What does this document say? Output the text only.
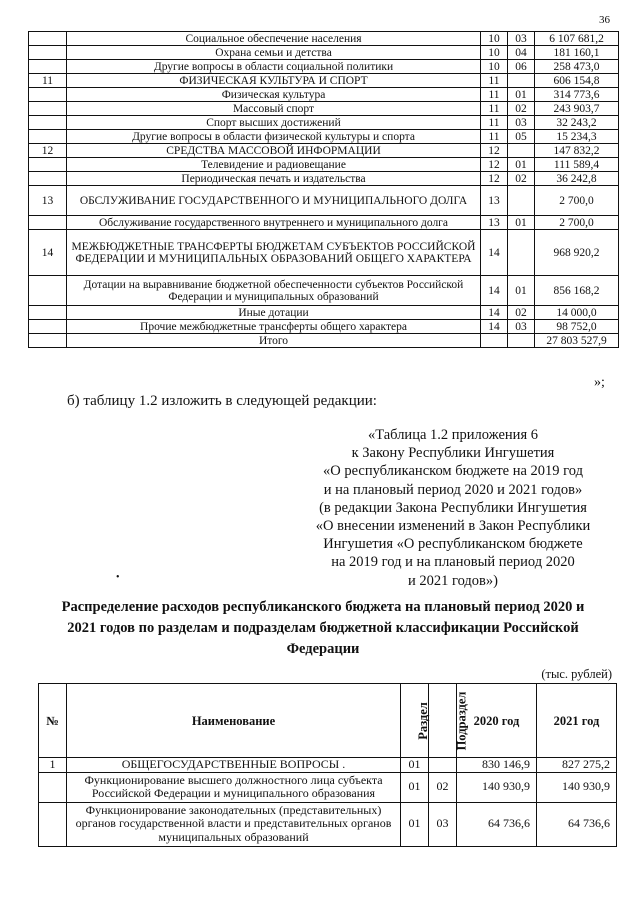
36
	Социальное обеспечение населения	10	03	6 107 681,2
	Охрана семьи и детства	10	04	181 160,1
	Другие вопросы в области социальной политики	10	06	258 473,0
11	ФИЗИЧЕСКАЯ КУЛЬТУРА И СПОРТ	11		606 154,8
	Физическая культура	11	01	314 773,6
	Массовый спорт	11	02	243 903,7
	Спорт высших достижений	11	03	32 243,2
	Другие вопросы в области физической культуры и спорта	11	05	15 234,3
12	СРЕДСТВА МАССОВОЙ ИНФОРМАЦИИ	12		147 832,2
	Телевидение и радиовещание	12	01	111 589,4
	Периодическая печать и издательства	12	02	36 242,8
13	ОБСЛУЖИВАНИЕ ГОСУДАРСТВЕННОГО И МУНИЦИПАЛЬНОГО ДОЛГА	13		2 700,0
	Обслуживание государственного внутреннего и муниципального долга	13	01	2 700,0
14	МЕЖБЮДЖЕТНЫЕ ТРАНСФЕРТЫ БЮДЖЕТАМ СУБЪЕКТОВ РОССИЙСКОЙ ФЕДЕРАЦИИ И МУНИЦИПАЛЬНЫХ ОБРАЗОВАНИЙ ОБЩЕГО ХАРАКТЕРА	14		968 920,2
	Дотации на выравнивание бюджетной обеспеченности субъектов Российской Федерации и муниципальных образований	14	01	856 168,2
	Иные дотации	14	02	14 000,0
	Прочие межбюджетные трансферты общего характера	14	03	98 752,0
	Итого			27 803 527,9
»;
б) таблицу 1.2 изложить в следующей редакции:
«Таблица 1.2 приложения 6
к Закону Республики Ингушетия
«О республиканском бюджете на 2019 год
и на плановый период 2020 и 2021 годов»
(в редакции Закона Республики Ингушетия
«О внесении изменений в Закон Республики
Ингушетия «О республиканском бюджете
на 2019 год и на плановый период 2020
и 2021 годов»)
•
Распределение расходов республиканского бюджета на плановый период 2020 и
2021 годов по разделам и подразделам бюджетной классификации Российской
Федерации
(тыс. рублей)
№	Наименование	Раздел	Подраздел	2020 год	2021 год
1	ОБЩЕГОСУДАРСТВЕННЫЕ ВОПРОСЫ .	01		830 146,9	827 275,2
	Функционирование высшего должностного лица субъекта Российской Федерации и муниципального образования	01	02	140 930,9	140 930,9
	Функционирование законодательных (представительных) органов государственной власти и представительных органов муниципальных образований	01	03	64 736,6	64 736,6
